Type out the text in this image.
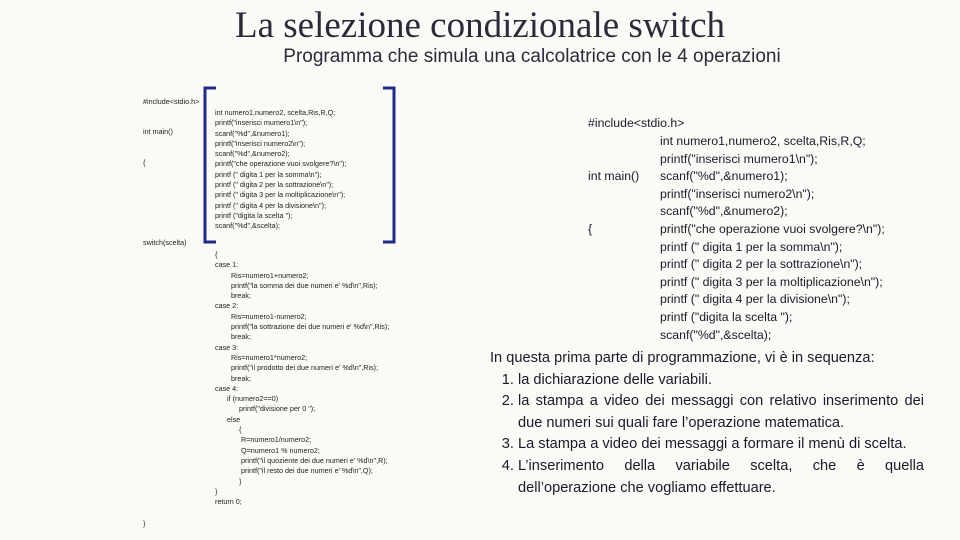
La selezione condizionale switch
Programma che simula una calcolatrice con le 4 operazioni

#include<stdio.h>

int main()

{

int numero1,numero2, scelta,Ris,R,Q;
printf("inserisci mumero1\n");
scanf("%d",&numero1);
printf("inserisci numero2\n");
scanf("%d",&numero2);
printf("che operazione vuoi svolgere?\n");
printf (" digita 1 per la somma\n");
printf (" digita 2 per la sottrazione\n");
printf (" digita 3 per la moltiplicazione\n");
printf (" digita 4 per la divisione\n");
printf ("digita la scelta ");
scanf("%d",&scelta);
switch(scelta)
{
case 1:
Ris=numero1+numero2;
printf("la somma dei due numeri e' %d\n",Ris);
break;
case 2:
Ris=numero1-numero2;
printf("la sottrazione dei due numeri e' %d\n",Ris);
break;
case 3:
Ris=numero1*numero2;
printf("il prodotto dei due numeri e' %d\n",Ris);
break;
case 4:
if (numero2==0)
printf("divisione per 0 ");
else
{
R=numero1/numero2;
Q=numero1 % numero2;
printf("il quoziente dei due numeri e' %d\n",R);
printf("il resto dei due numeri e' %d\n",Q);
}
}
return 0;
}

#include<stdio.h>

int main()

{

int numero1,numero2, scelta,Ris,R,Q;
printf("inserisci mumero1\n");
scanf("%d",&numero1);
printf("inserisci numero2\n");
scanf("%d",&numero2);
printf("che operazione vuoi svolgere?\n");
printf (" digita 1 per la somma\n");
printf (" digita 2 per la sottrazione\n");
printf (" digita 3 per la moltiplicazione\n");
printf (" digita 4 per la divisione\n");
printf ("digita la scelta ");
scanf("%d",&scelta);
In questa prima parte di programmazione, vi è in sequenza:
1. la dichiarazione delle variabili.
2. la stampa a video dei messaggi con relativo inserimento dei due numeri sui quali fare l’operazione matematica.
3. La stampa a video dei messaggi a formare il menù di scelta.
4. L’inserimento della variabile scelta, che è quella dell’operazione che vogliamo effettuare.
